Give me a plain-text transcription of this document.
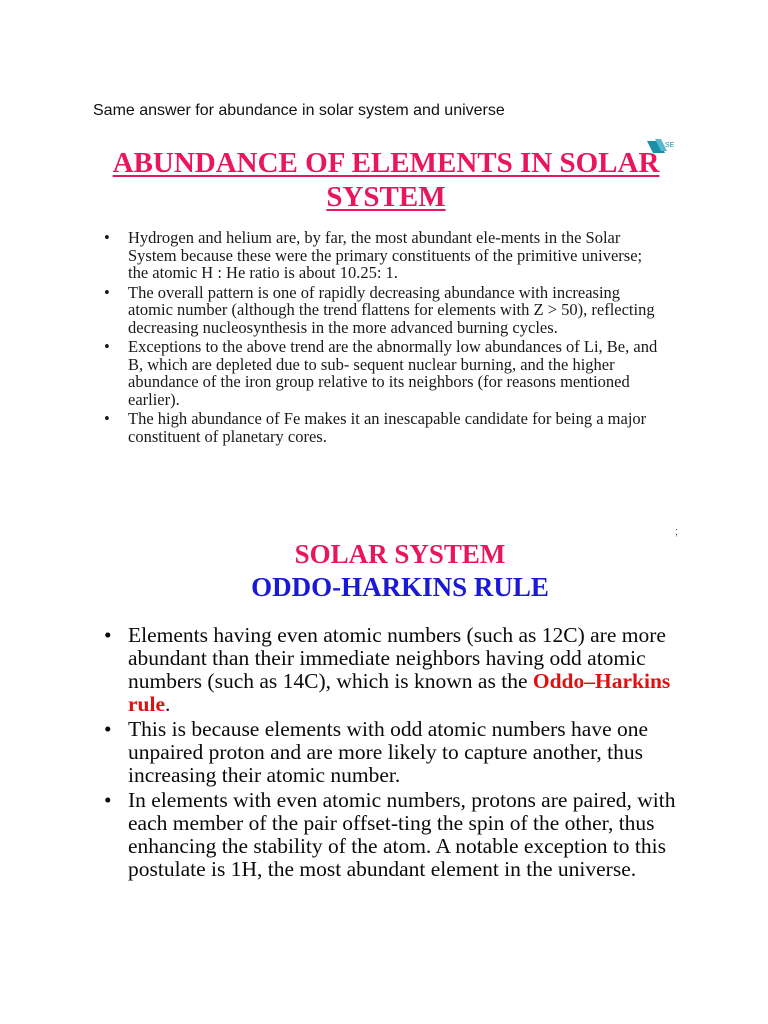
Same answer for abundance in solar system and universe
SE
ABUNDANCE OF ELEMENTS IN SOLAR
SYSTEM
• Hydrogen and helium are, by far, the most abundant ele-ments in the Solar System because these were the primary constituents of the primitive universe; the atomic H : He ratio is about 10.25: 1.
• The overall pattern is one of rapidly decreasing abundance with increasing atomic number (although the trend flattens for elements with Z > 50), reflecting decreasing nucleosynthesis in the more advanced burning cycles.
• Exceptions to the above trend are the abnormally low abundances of Li, Be, and B, which are depleted due to sub- sequent nuclear burning, and the higher abundance of the iron group relative to its neighbors (for reasons mentioned earlier).
• The high abundance of Fe makes it an inescapable candidate for being a major constituent of planetary cores.
;
SOLAR SYSTEM
ODDO-HARKINS RULE
• Elements having even atomic numbers (such as 12C) are more abundant than their immediate neighbors having odd atomic numbers (such as 14C), which is known as the Oddo–Harkins rule.
• This is because elements with odd atomic numbers have one unpaired proton and are more likely to capture another, thus increasing their atomic number.
• In elements with even atomic numbers, protons are paired, with each member of the pair offset-ting the spin of the other, thus enhancing the stability of the atom. A notable exception to this postulate is 1H, the most abundant element in the universe.
